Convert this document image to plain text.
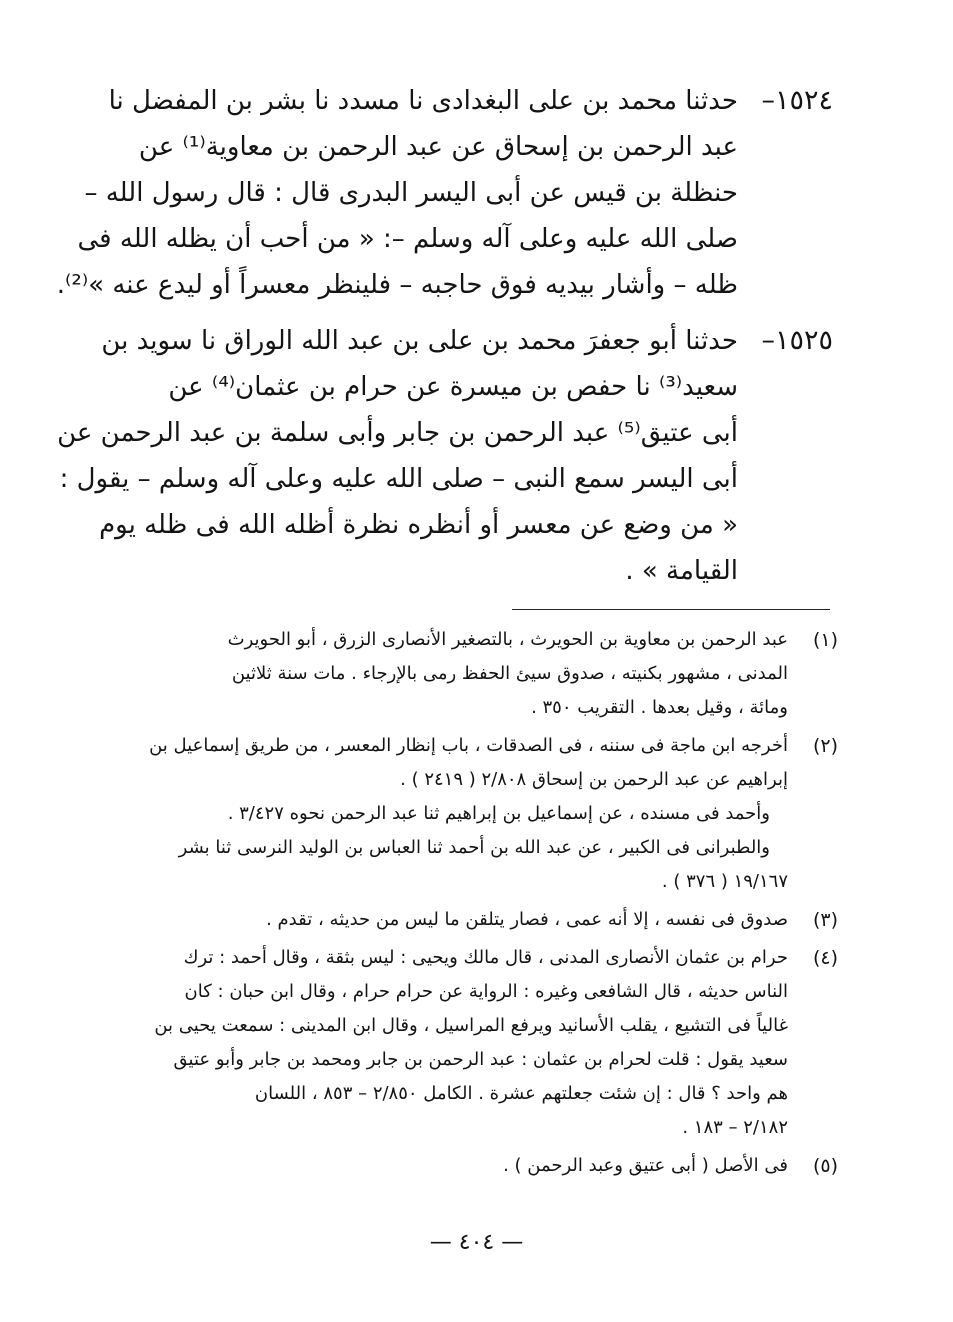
١٥٢٤–
حدثنا محمد بن على البغدادى نا مسدد نا بشر بن المفضل نا
عبد الرحمن بن إسحاق عن عبد الرحمن بن معاوية⁽¹⁾ عن
حنظلة بن قيس عن أبى اليسر البدرى قال : قال رسول الله –
صلى الله عليه وعلى آله وسلم –: « من أحب أن يظله الله فى
ظله – وأشار بيديه فوق حاجبه – فلينظر معسراً أو ليدع عنه »⁽²⁾.
١٥٢٥–
حدثنا أبو جعفرَ محمد بن على بن عبد الله الوراق نا سويد بن
سعيد⁽³⁾ نا حفص بن ميسرة عن حرام بن عثمان⁽⁴⁾ عن
أبى عتيق⁽⁵⁾ عبد الرحمن بن جابر وأبى سلمة بن عبد الرحمن عن
أبى اليسر سمع النبى – صلى الله عليه وعلى آله وسلم – يقول :
« من وضع عن معسر أو أنظره نظرة أظله الله فى ظله يوم
القيامة » .
(١)
عبد الرحمن بن معاوية بن الحويرث ، بالتصغير الأنصارى الزرق ، أبو الحويرث
المدنى ، مشهور بكنيته ، صدوق سيئ الحفظ رمى بالإرجاء . مات سنة ثلاثين
ومائة ، وقيل بعدها . التقريب ٣٥٠ .
(٢)
أخرجه ابن ماجة فى سننه ، فى الصدقات ، باب إنظار المعسر ، من طريق إسماعيل بن
إبراهيم عن عبد الرحمن بن إسحاق ٢/٨٠٨ ( ٢٤١٩ ) .
وأحمد فى مسنده ، عن إسماعيل بن إبراهيم ثنا عبد الرحمن نحوه ٣/٤٢٧ .
والطبرانى فى الكبير ، عن عبد الله بن أحمد ثنا العباس بن الوليد النرسى ثنا بشر
١٩/١٦٧ ( ٣٧٦ ) .
(٣)
صدوق فى نفسه ، إلا أنه عمى ، فصار يتلقن ما ليس من حديثه ، تقدم .
(٤)
حرام بن عثمان الأنصارى المدنى ، قال مالك ويحيى : ليس بثقة ، وقال أحمد : ترك
الناس حديثه ، قال الشافعى وغيره : الرواية عن حرام حرام ، وقال ابن حبان : كان
غالياً فى التشيع ، يقلب الأسانيد ويرفع المراسيل ، وقال ابن المدينى : سمعت يحيى بن
سعيد يقول : قلت لحرام بن عثمان : عبد الرحمن بن جابر ومحمد بن جابر وأبو عتيق
هم واحد ؟ قال : إن شئت جعلتهم عشرة . الكامل ٢/٨٥٠ – ٨٥٣ ، اللسان
٢/١٨٢ – ١٨٣ .
(٥)
فى الأصل ( أبى عتيق وعبد الرحمن ) .
— ٤٠٤ —
